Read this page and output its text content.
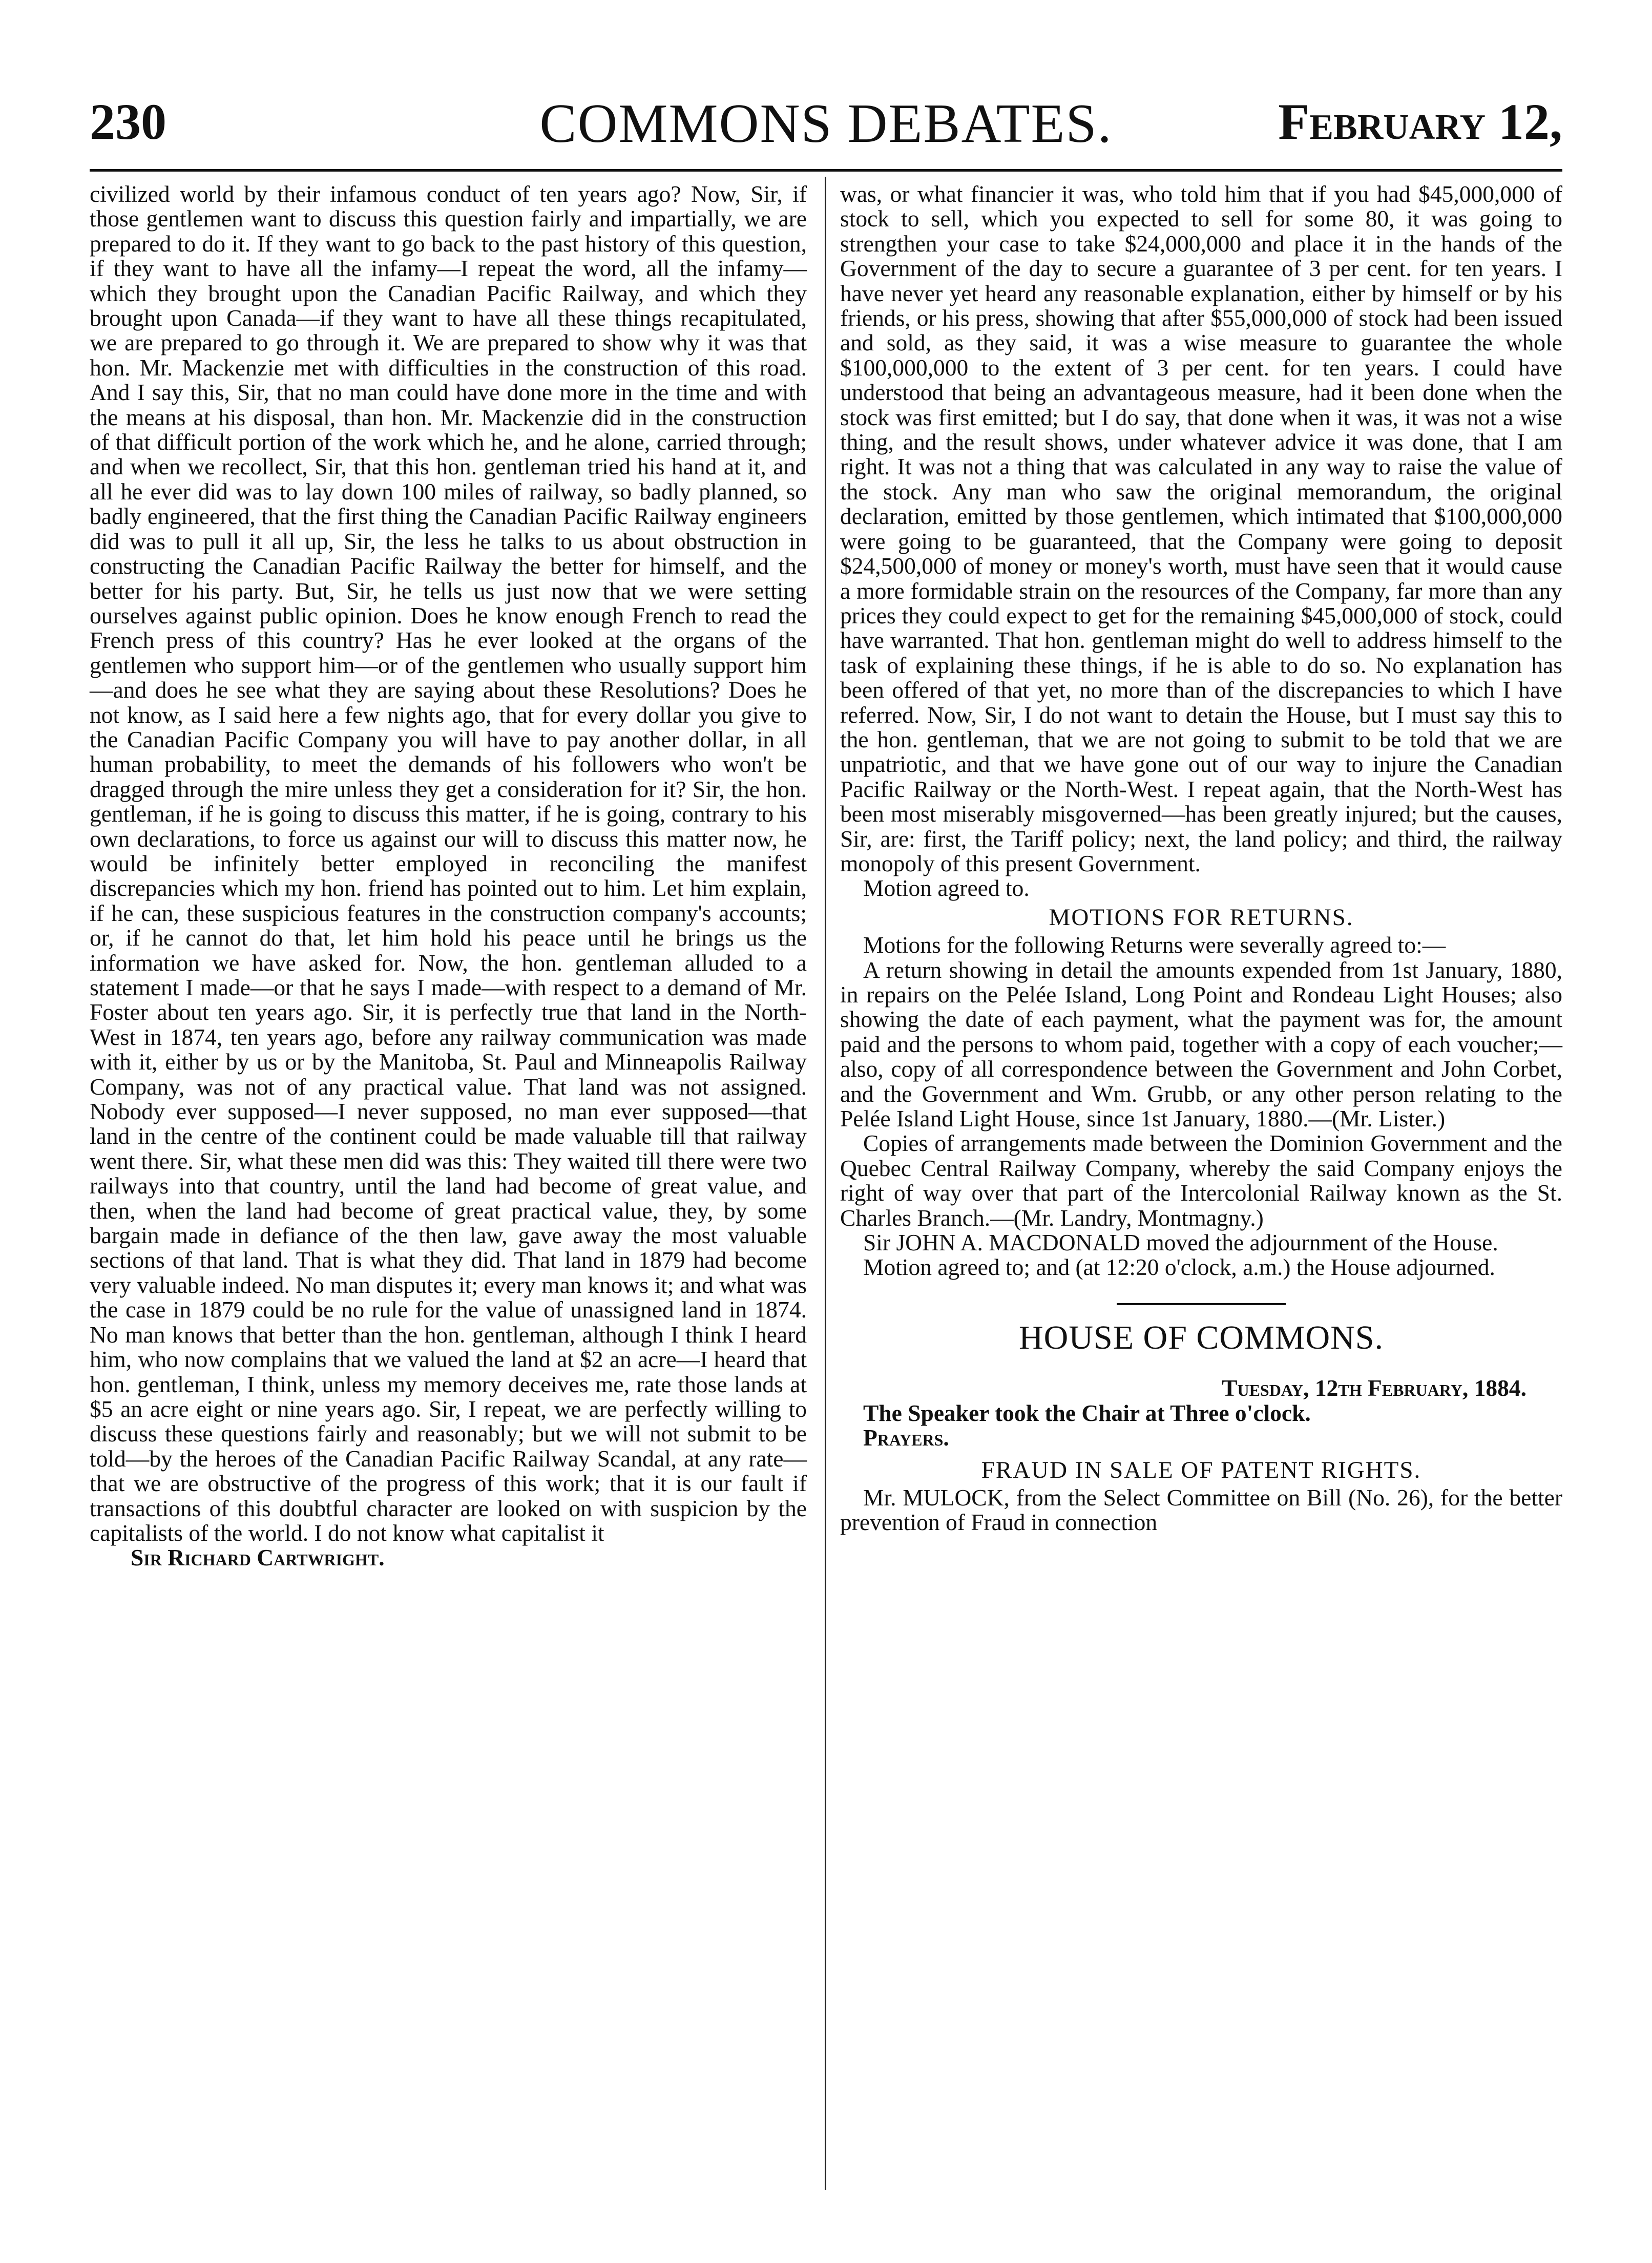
230	COMMONS DEBATES.	February 12,

civilized world by their infamous conduct of ten years ago? Now, Sir, if those gentlemen want to discuss this question fairly and impartially, we are prepared to do it. If they want to go back to the past history of this question, if they want to have all the infamy—I repeat the word, all the infamy—which they brought upon the Canadian Pacific Railway, and which they brought upon Canada—if they want to have all these things recapitulated, we are prepared to go through it. We are prepared to show why it was that hon. Mr. Mackenzie met with difficulties in the construction of this road. And I say this, Sir, that no man could have done more in the time and with the means at his disposal, than hon. Mr. Mackenzie did in the construction of that difficult portion of the work which he, and he alone, carried through; and when we recollect, Sir, that this hon. gentleman tried his hand at it, and all he ever did was to lay down 100 miles of railway, so badly planned, so badly engineered, that the first thing the Canadian Pacific Railway engineers did was to pull it all up, Sir, the less he talks to us about obstruction in constructing the Canadian Pacific Railway the better for himself, and the better for his party. But, Sir, he tells us just now that we were setting ourselves against public opinion. Does he know enough French to read the French press of this country? Has he ever looked at the organs of the gentlemen who support him—or of the gentlemen who usually support him—and does he see what they are saying about these Resolutions? Does he not know, as I said here a few nights ago, that for every dollar you give to the Canadian Pacific Company you will have to pay another dollar, in all human probability, to meet the demands of his followers who won't be dragged through the mire unless they get a consideration for it? Sir, the hon. gentleman, if he is going to discuss this matter, if he is going, contrary to his own declarations, to force us against our will to discuss this matter now, he would be infinitely better employed in reconciling the manifest discrepancies which my hon. friend has pointed out to him. Let him explain, if he can, these suspicious features in the construction company's accounts; or, if he cannot do that, let him hold his peace until he brings us the information we have asked for. Now, the hon. gentleman alluded to a statement I made—or that he says I made—with respect to a demand of Mr. Foster about ten years ago. Sir, it is perfectly true that land in the North-West in 1874, ten years ago, before any railway communication was made with it, either by us or by the Manitoba, St. Paul and Minneapolis Railway Company, was not of any practical value. That land was not assigned. Nobody ever supposed—I never supposed, no man ever supposed—that land in the centre of the continent could be made valuable till that railway went there. Sir, what these men did was this: They waited till there were two railways into that country, until the land had become of great value, and then, when the land had become of great practical value, they, by some bargain made in defiance of the then law, gave away the most valuable sections of that land. That is what they did. That land in 1879 had become very valuable indeed. No man disputes it; every man knows it; and what was the case in 1879 could be no rule for the value of unassigned land in 1874. No man knows that better than the hon. gentleman, although I think I heard him, who now complains that we valued the land at $2 an acre—I heard that hon. gentleman, I think, unless my memory deceives me, rate those lands at $5 an acre eight or nine years ago. Sir, I repeat, we are perfectly willing to discuss these questions fairly and reasonably; but we will not submit to be told—by the heroes of the Canadian Pacific Railway Scandal, at any rate—that we are obstructive of the progress of this work; that it is our fault if transactions of this doubtful character are looked on with suspicion by the capitalists of the world. I do not know what capitalist it

Sir Richard Cartwright.

was, or what financier it was, who told him that if you had $45,000,000 of stock to sell, which you expected to sell for some 80, it was going to strengthen your case to take $24,000,000 and place it in the hands of the Government of the day to secure a guarantee of 3 per cent. for ten years. I have never yet heard any reasonable explanation, either by himself or by his friends, or his press, showing that after $55,000,000 of stock had been issued and sold, as they said, it was a wise measure to guarantee the whole $100,000,000 to the extent of 3 per cent. for ten years. I could have understood that being an advantageous measure, had it been done when the stock was first emitted; but I do say, that done when it was, it was not a wise thing, and the result shows, under whatever advice it was done, that I am right. It was not a thing that was calculated in any way to raise the value of the stock. Any man who saw the original memorandum, the original declaration, emitted by those gentlemen, which intimated that $100,000,000 were going to be guaranteed, that the Company were going to deposit $24,500,000 of money or money's worth, must have seen that it would cause a more formidable strain on the resources of the Company, far more than any prices they could expect to get for the remaining $45,000,000 of stock, could have warranted. That hon. gentleman might do well to address himself to the task of explaining these things, if he is able to do so. No explanation has been offered of that yet, no more than of the discrepancies to which I have referred. Now, Sir, I do not want to detain the House, but I must say this to the hon. gentleman, that we are not going to submit to be told that we are unpatriotic, and that we have gone out of our way to injure the Canadian Pacific Railway or the North-West. I repeat again, that the North-West has been most miserably misgoverned—has been greatly injured; but the causes, Sir, are: first, the Tariff policy; next, the land policy; and third, the railway monopoly of this present Government.

Motion agreed to.

MOTIONS FOR RETURNS.

Motions for the following Returns were severally agreed to:—

A return showing in detail the amounts expended from 1st January, 1880, in repairs on the Pelée Island, Long Point and Rondeau Light Houses; also showing the date of each payment, what the payment was for, the amount paid and the persons to whom paid, together with a copy of each voucher;—also, copy of all correspondence between the Government and John Corbet, and the Government and Wm. Grubb, or any other person relating to the Pelée Island Light House, since 1st January, 1880.—(Mr. Lister.)

Copies of arrangements made between the Dominion Government and the Quebec Central Railway Company, whereby the said Company enjoys the right of way over that part of the Intercolonial Railway known as the St. Charles Branch.—(Mr. Landry, Montmagny.)

Sir JOHN A. MACDONALD moved the adjournment of the House.

Motion agreed to; and (at 12:20 o'clock, a.m.) the House adjourned.

HOUSE OF COMMONS.

Tuesday, 12th February, 1884.

The Speaker took the Chair at Three o'clock.

Prayers.

FRAUD IN SALE OF PATENT RIGHTS.

Mr. MULOCK, from the Select Committee on Bill (No. 26), for the better prevention of Fraud in connection
